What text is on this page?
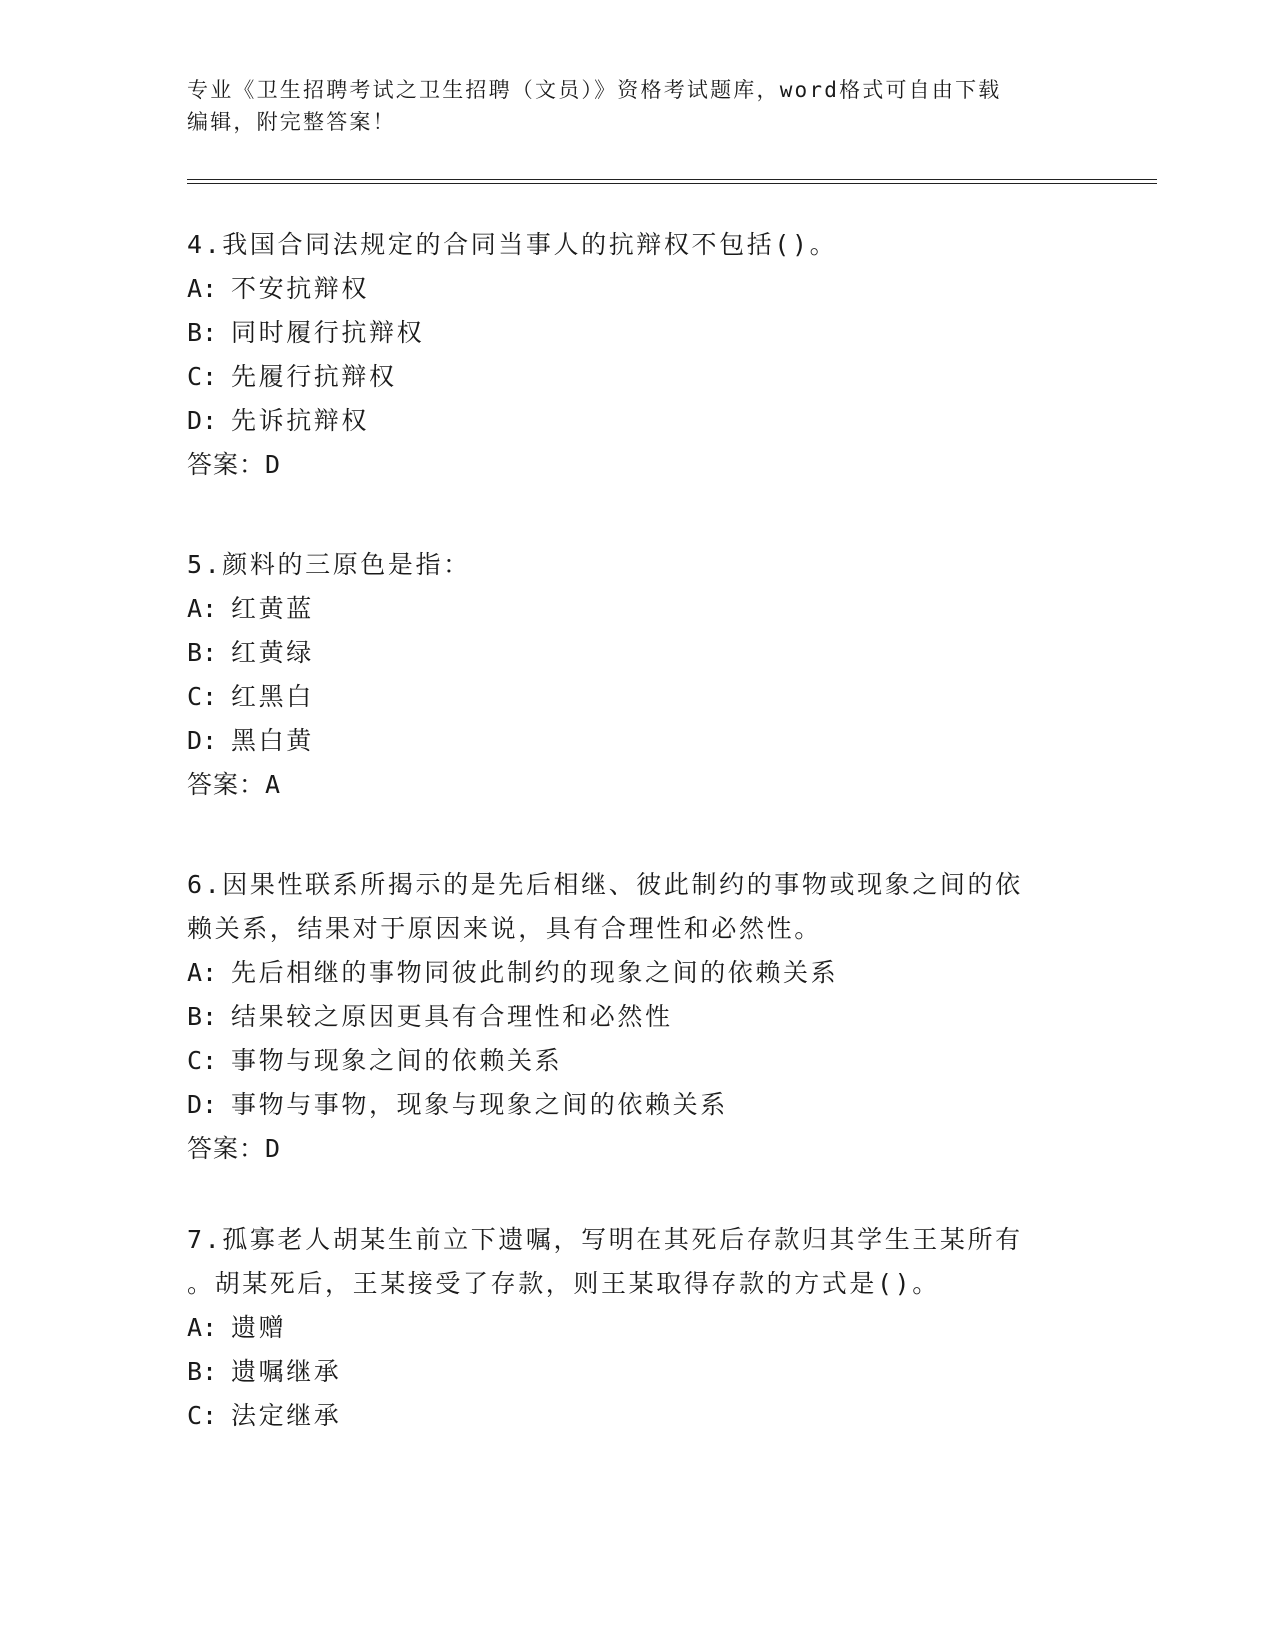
专业《卫生招聘考试之卫生招聘（文员）》资格考试题库，word格式可自由下载
编辑，附完整答案！
4.我国合同法规定的合同当事人的抗辩权不包括()。
A: 不安抗辩权
B: 同时履行抗辩权
C: 先履行抗辩权
D: 先诉抗辩权
答案：D
5.颜料的三原色是指：
A: 红黄蓝
B: 红黄绿
C: 红黑白
D: 黑白黄
答案：A
6.因果性联系所揭示的是先后相继、彼此制约的事物或现象之间的依
赖关系，结果对于原因来说，具有合理性和必然性。
A: 先后相继的事物同彼此制约的现象之间的依赖关系
B: 结果较之原因更具有合理性和必然性
C: 事物与现象之间的依赖关系
D: 事物与事物，现象与现象之间的依赖关系
答案：D
7.孤寡老人胡某生前立下遗嘱，写明在其死后存款归其学生王某所有
。胡某死后，王某接受了存款，则王某取得存款的方式是()。
A: 遗赠
B: 遗嘱继承
C: 法定继承
